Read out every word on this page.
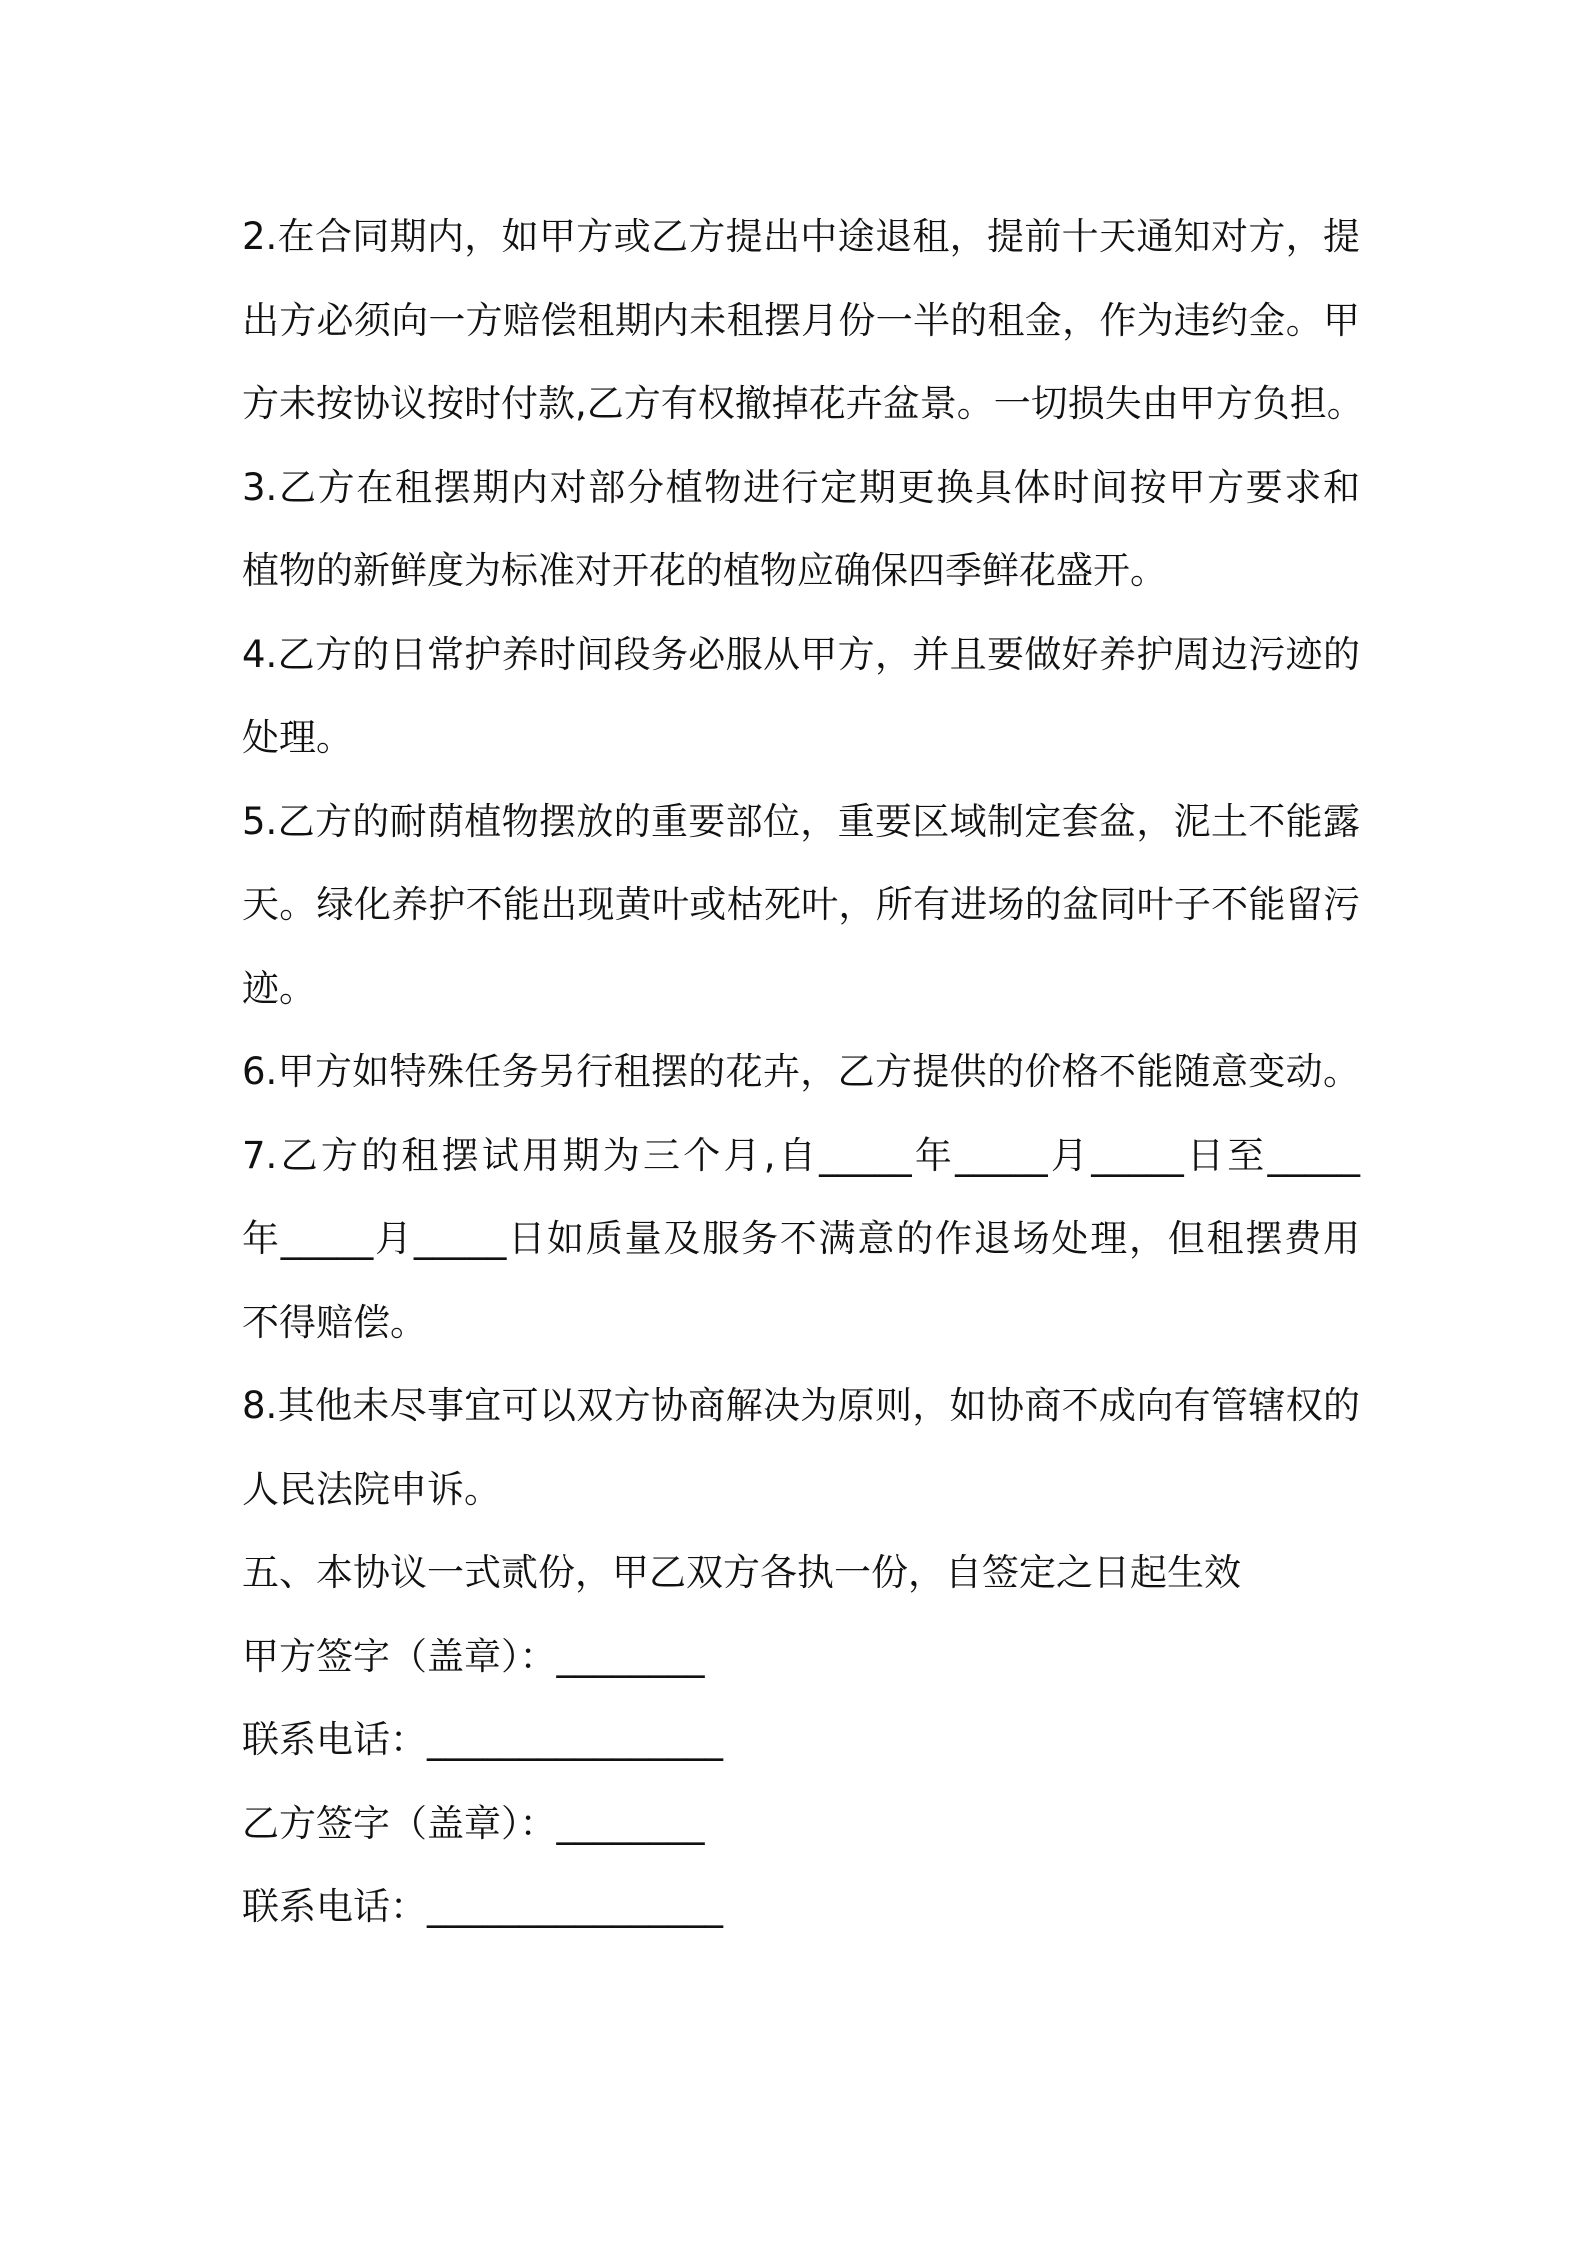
2.在合同期内，如甲方或乙方提出中途退租，提前十天通知对方，提
出方必须向一方赔偿租期内未租摆月份一半的租金，作为违约金。甲
方未按协议按时付款,乙方有权撤掉花卉盆景。一切损失由甲方负担。
3.乙方在租摆期内对部分植物进行定期更换具体时间按甲方要求和
植物的新鲜度为标准对开花的植物应确保四季鲜花盛开。
4.乙方的日常护养时间段务必服从甲方，并且要做好养护周边污迹的
处理。
5.乙方的耐荫植物摆放的重要部位，重要区域制定套盆，泥土不能露
天。绿化养护不能出现黄叶或枯死叶，所有进场的盆同叶子不能留污
迹。
6.甲方如特殊任务另行租摆的花卉，乙方提供的价格不能随意变动。
7.乙方的租摆试用期为三个月,自_____年_____月_____日至_____
年_____月_____日如质量及服务不满意的作退场处理，但租摆费用
不得赔偿。
8.其他未尽事宜可以双方协商解决为原则，如协商不成向有管辖权的
人民法院申诉。
五、本协议一式贰份，甲乙双方各执一份，自签定之日起生效
甲方签字（盖章）：________
联系电话：________________
乙方签字（盖章）：________
联系电话：________________
